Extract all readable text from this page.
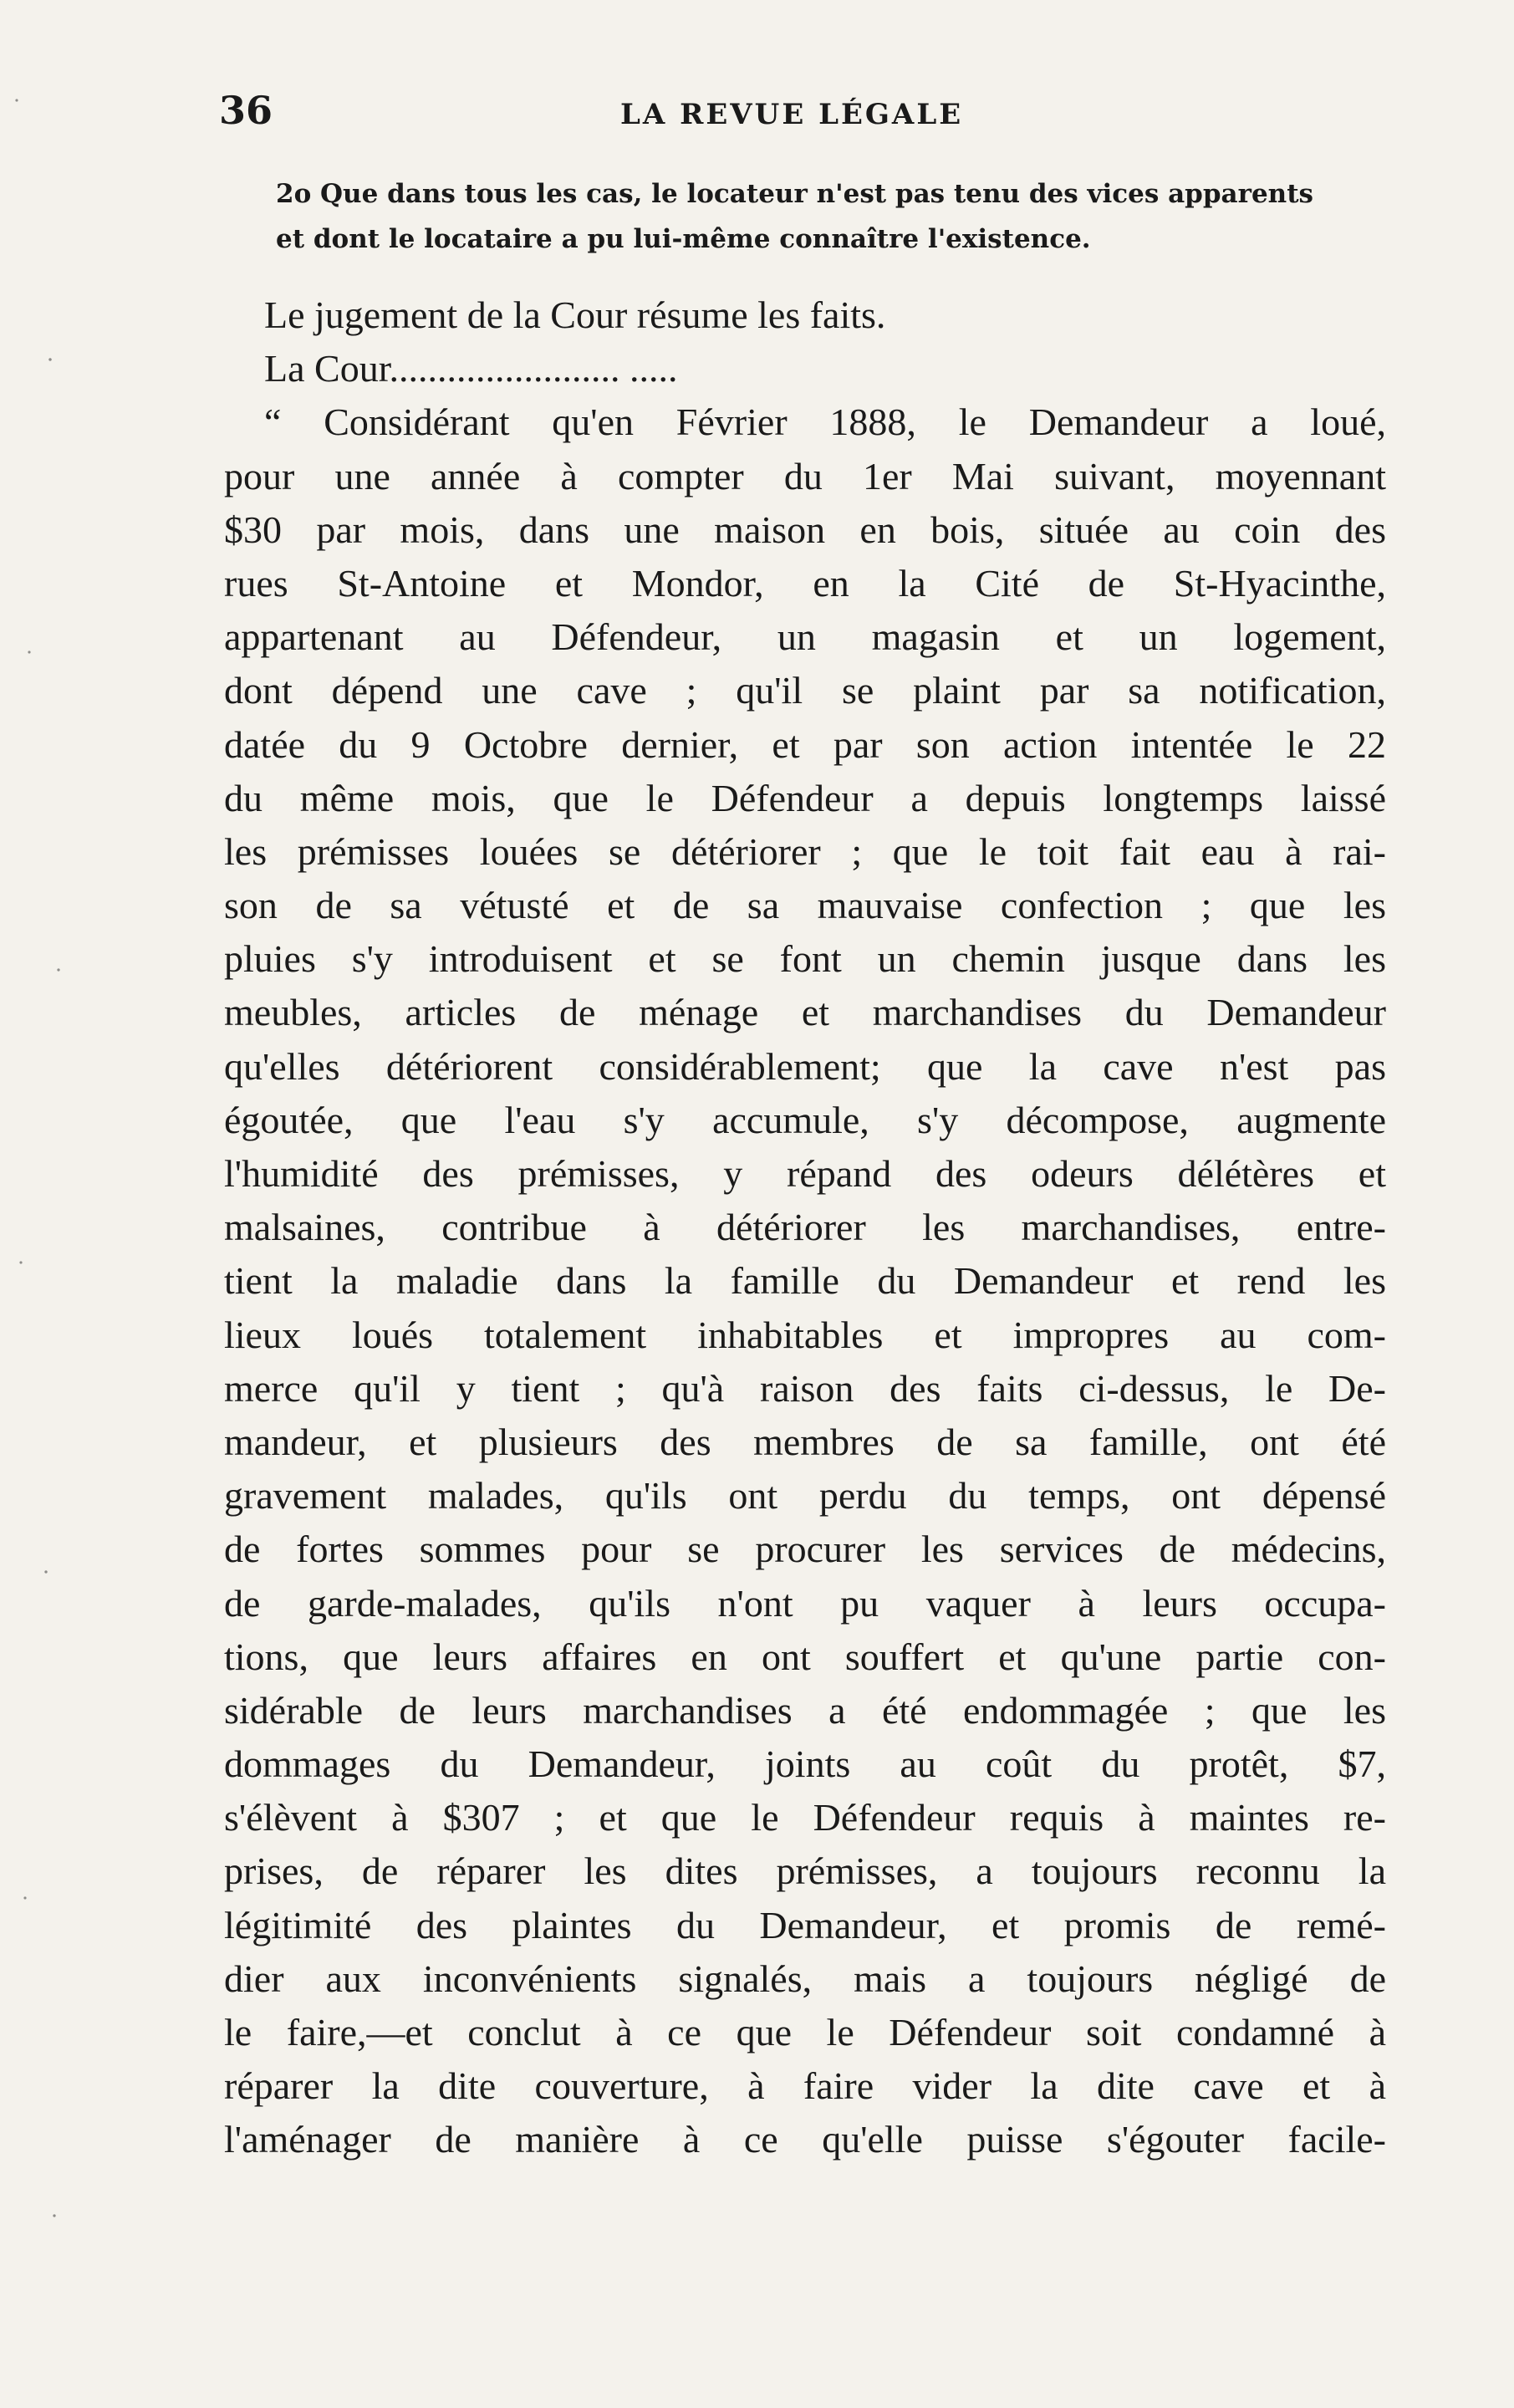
36	LA REVUE LÉGALE
2o Que dans tous les cas, le locateur n'est pas tenu des vices apparents
et dont le locataire a pu lui-même connaître l'existence.
Le jugement de la Cour résume les faits.
La Cour........................ .....
“ Considérant qu'en Février 1888, le Demandeur a loué,
pour une année à compter du 1er Mai suivant, moyennant
$30 par mois, dans une maison en bois, située au coin des
rues St-Antoine et Mondor, en la Cité de St-Hyacinthe,
appartenant au Défendeur, un magasin et un logement,
dont dépend une cave ; qu'il se plaint par sa notification,
datée du 9 Octobre dernier, et par son action intentée le 22
du même mois, que le Défendeur a depuis longtemps laissé
les prémisses louées se détériorer ; que le toit fait eau à rai-
son de sa vétusté et de sa mauvaise confection ; que les
pluies s'y introduisent et se font un chemin jusque dans les
meubles, articles de ménage et marchandises du Demandeur
qu'elles détériorent considérablement; que la cave n'est pas
égoutée, que l'eau s'y accumule, s'y décompose, augmente
l'humidité des prémisses, y répand des odeurs délétères et
malsaines, contribue à détériorer les marchandises, entre-
tient la maladie dans la famille du Demandeur et rend les
lieux loués totalement inhabitables et impropres au com-
merce qu'il y tient ; qu'à raison des faits ci-dessus, le De-
mandeur, et plusieurs des membres de sa famille, ont été
gravement malades, qu'ils ont perdu du temps, ont dépensé
de fortes sommes pour se procurer les services de médecins,
de garde-malades, qu'ils n'ont pu vaquer à leurs occupa-
tions, que leurs affaires en ont souffert et qu'une partie con-
sidérable de leurs marchandises a été endommagée ; que les
dommages du Demandeur, joints au coût du protêt, $7,
s'élèvent à $307 ; et que le Défendeur requis à maintes re-
prises, de réparer les dites prémisses, a toujours reconnu la
légitimité des plaintes du Demandeur, et promis de remé-
dier aux inconvénients signalés, mais a toujours négligé de
le faire,—et conclut à ce que le Défendeur soit condamné à
réparer la dite couverture, à faire vider la dite cave et à
l'aménager de manière à ce qu'elle puisse s'égouter facile-
